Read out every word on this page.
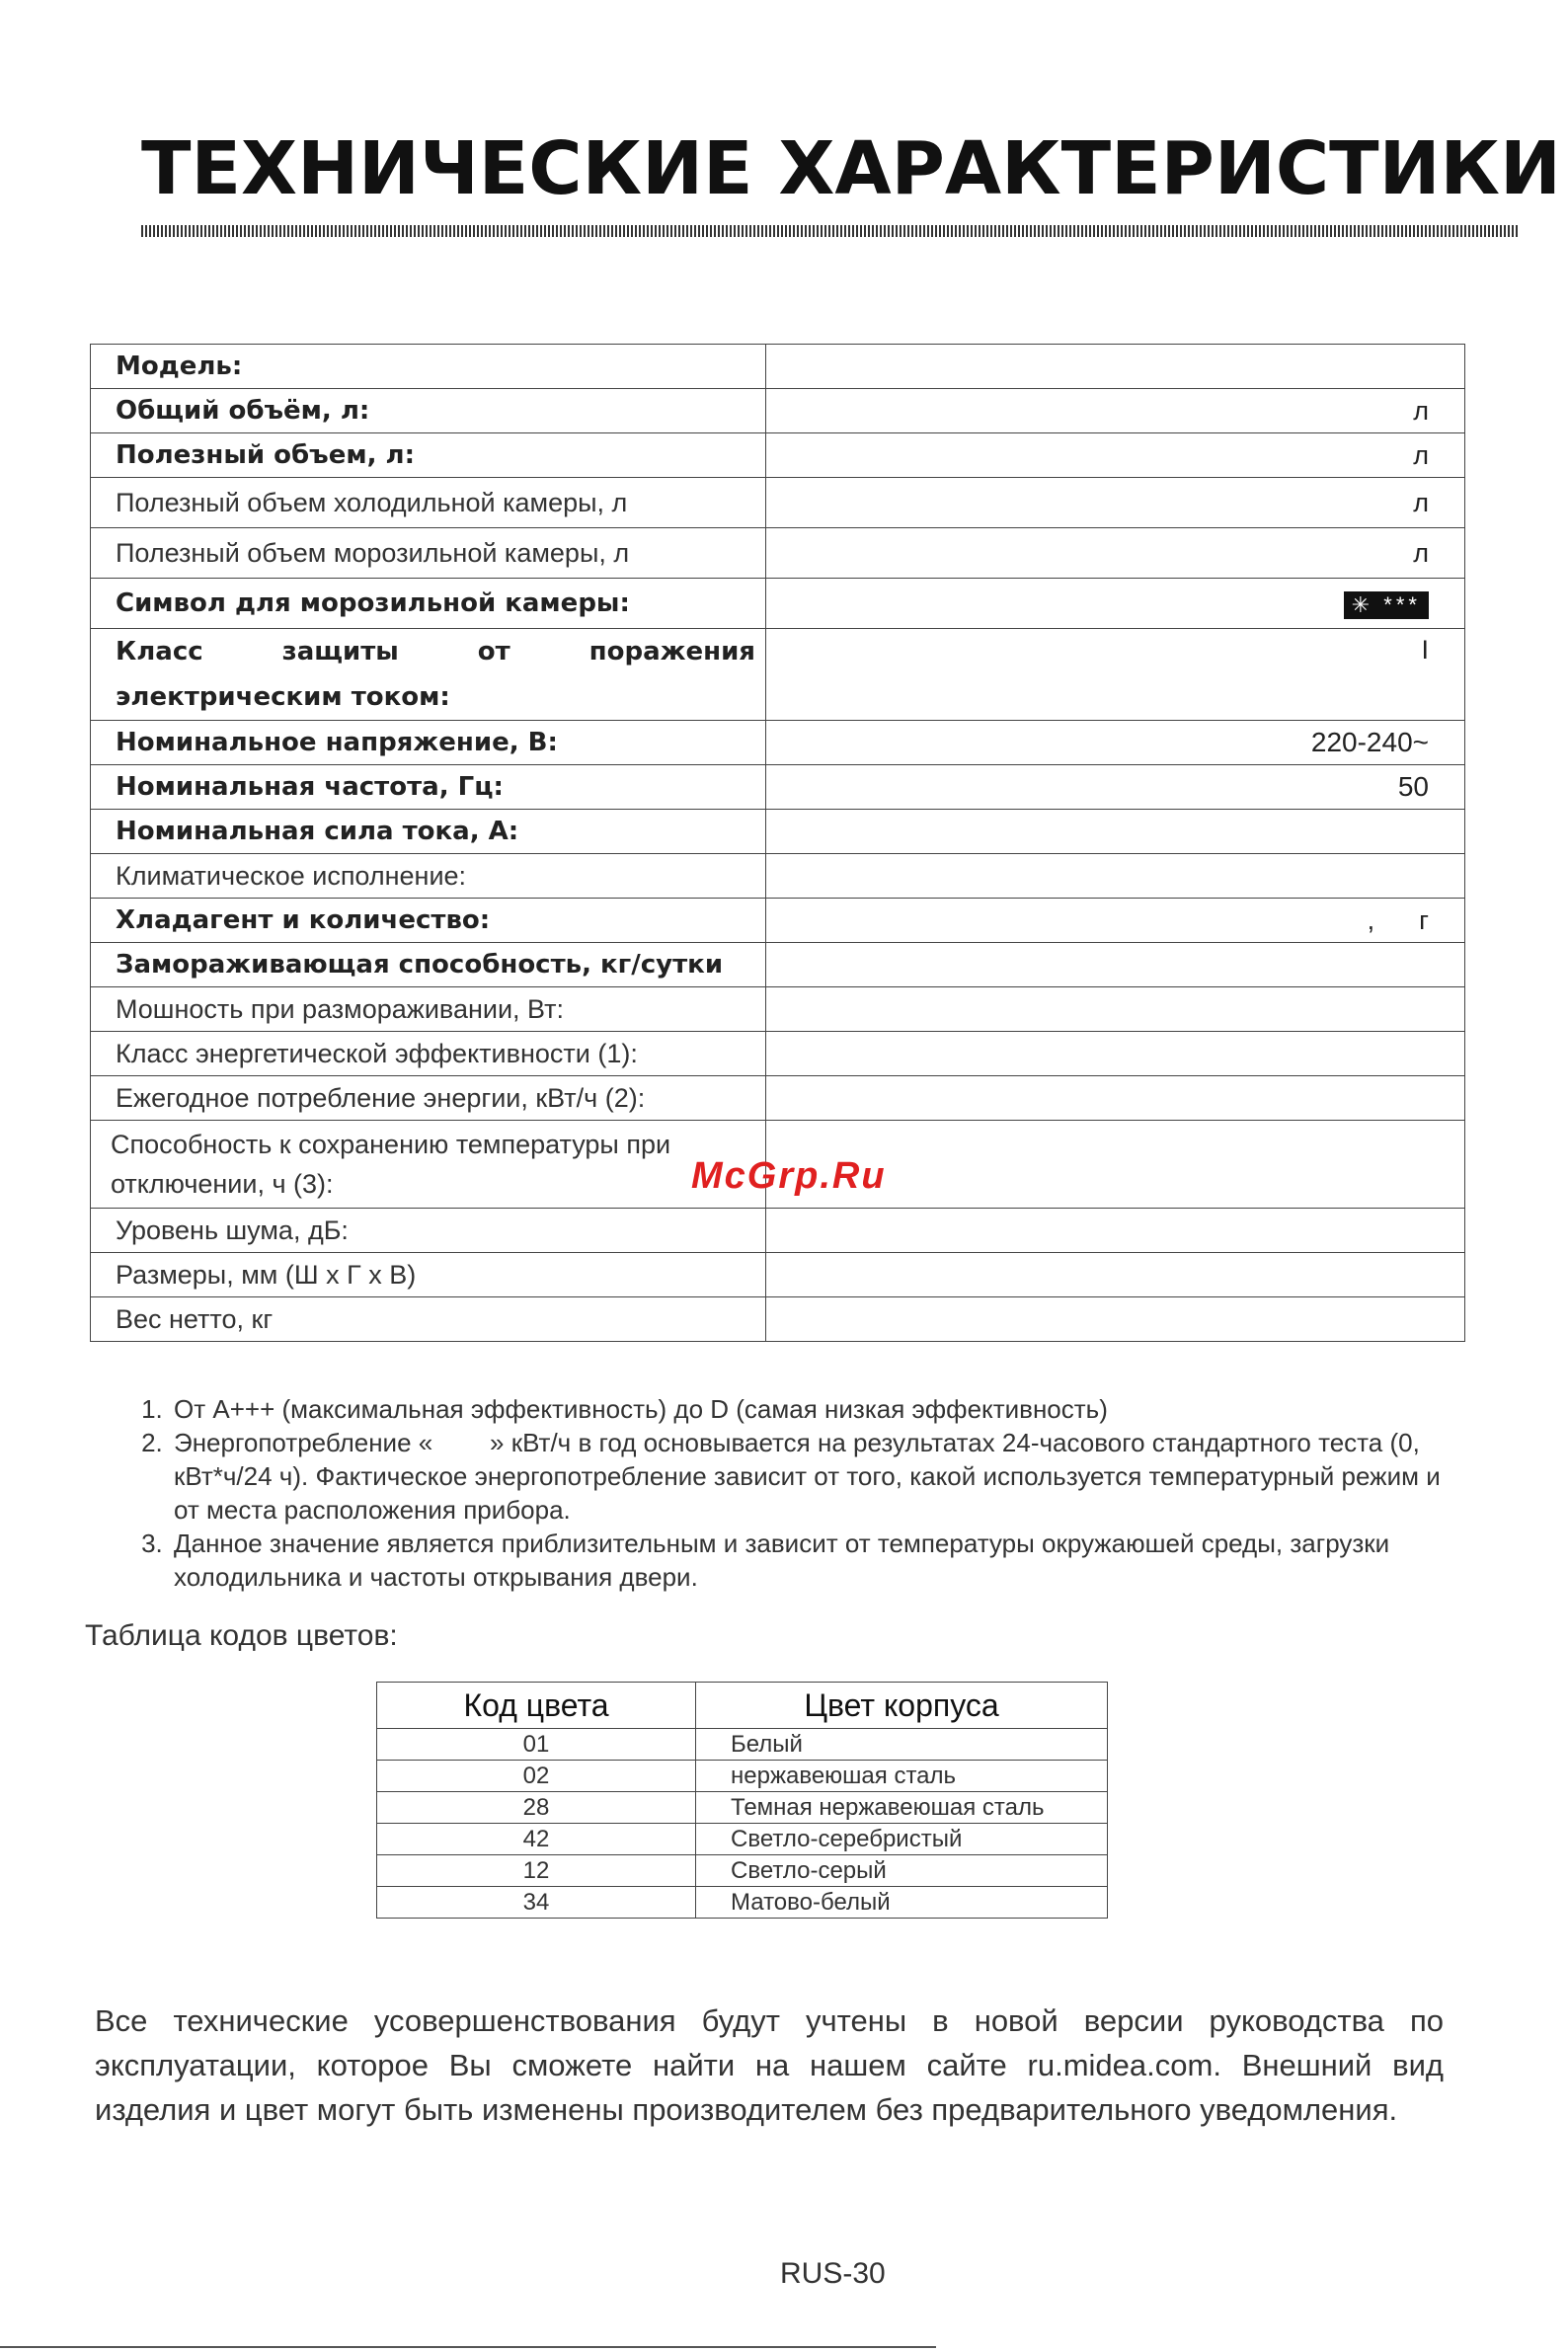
ТЕХНИЧЕСКИЕ ХАРАКТЕРИСТИКИ
Модель:	
Общий объём, л:	л
Полезный объем, л:	л
Полезный объем холодильной камеры, л	л
Полезный объем морозильной камеры, л	л
Символ для морозильной камеры:	✳ ***
Класс защиты от поражения электрическим током:	I
Номинальное напряжение, В:	220-240~
Номинальная частота, Гц:	50
Номинальная сила тока, А:	
Климатическое исполнение:	
Хладагент и количество:	,      г
Замораживающая способность, кг/сутки	
Мошность при размораживании, Вт:	
Класс энергетической эффективности (1):	
Ежегодное потребление энергии, кВт/ч (2):	
Способность к сохранению температуры при отключении, ч (3):	
Уровень шума, дБ:	
Размеры, мм (Ш х Г х В)	
Вес нетто, кг	
McGrp.Ru
1. От А+++ (максимальная эффективность) до D (самая низкая эффективность)
2. Энергопотребление «        » кВт/ч в год основывается на результатах 24-часового стандартного теста (0,        кВт*ч/24 ч). Фактическое энергопотребление зависит от того, какой используется температурный режим и от места расположения прибора.
3. Данное значение является приблизительным и зависит от температуры окружаюшей среды, загрузки холодильника и частоты открывания двери.
Таблица кодов цветов:
Код цвета	Цвет корпуса
01	Белый
02	нержавеюшая сталь
28	Темная нержавеюшая сталь
42	Светло-серебристый
12	Светло-серый
34	Матово-белый
Все технические усовершенствования будут учтены в новой версии руководства по эксплуатации, которое Вы сможете найти на нашем сайте ru.midea.com. Внешний вид изделия и цвет могут быть изменены производителем без предварительного уведомления.
RUS-30
